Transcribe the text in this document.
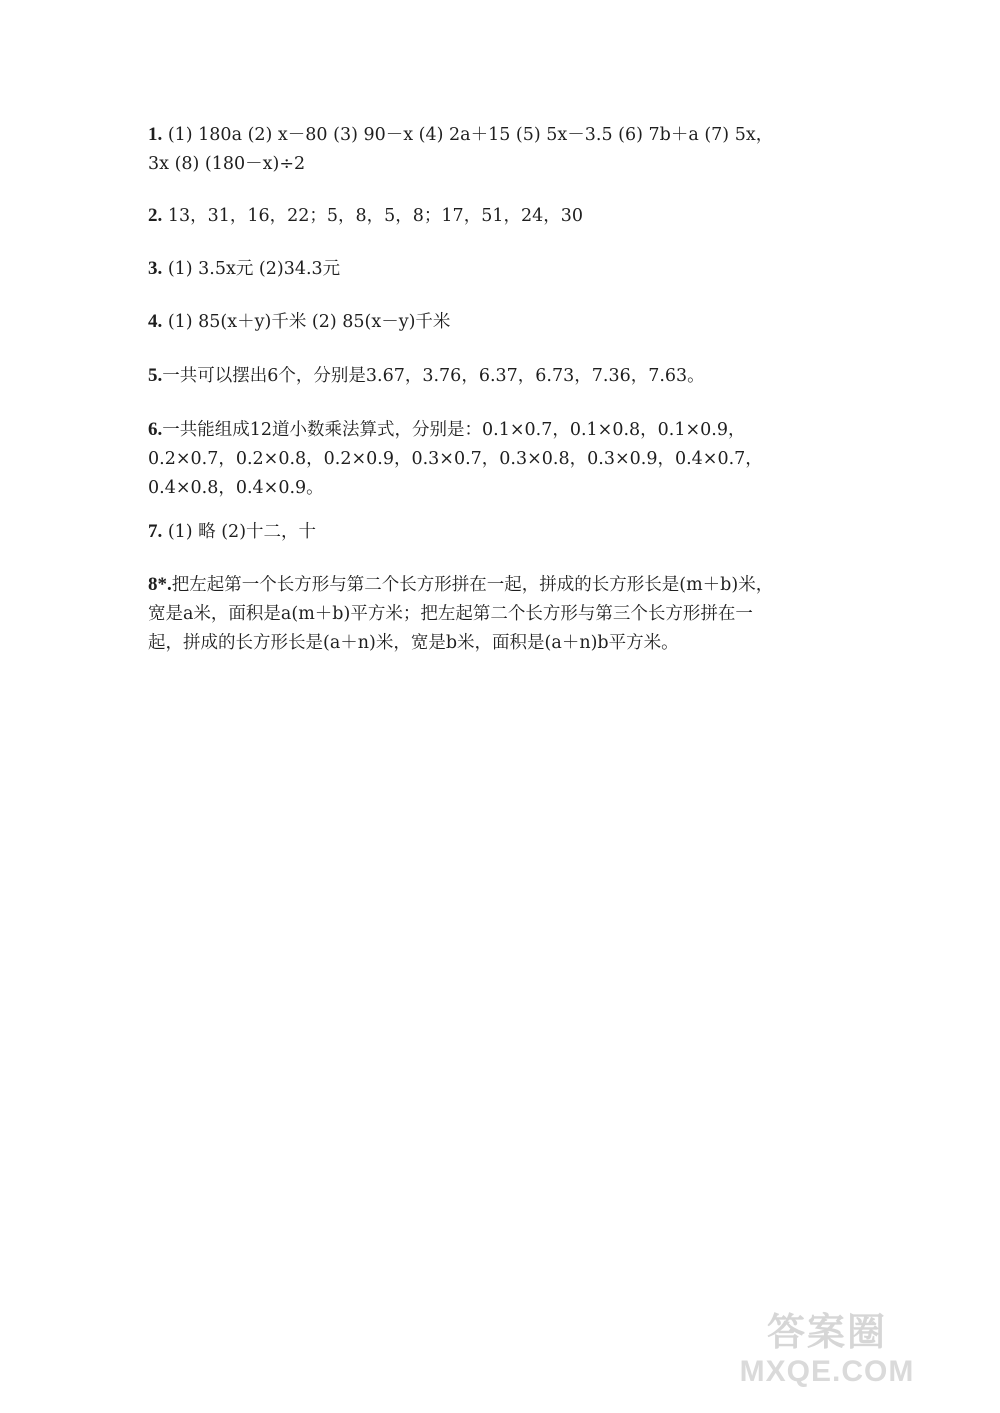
1. (1) 180a (2) x－80 (3) 90－x (4) 2a＋15 (5) 5x－3.5 (6) 7b＋a (7) 5x，
3x (8) (180－x)÷2
2. 13，31，16，22；5，8，5，8；17，51，24，30
3. (1) 3.5x元 (2)34.3元
4. (1) 85(x＋y)千米 (2) 85(x－y)千米
5.一共可以摆出6个，分别是3.67，3.76，6.37，6.73，7.36，7.63。
6.一共能组成12道小数乘法算式，分别是：0.1×0.7，0.1×0.8，0.1×0.9，
0.2×0.7，0.2×0.8，0.2×0.9，0.3×0.7，0.3×0.8，0.3×0.9，0.4×0.7，
0.4×0.8，0.4×0.9。
7. (1) 略 (2)十二，十
8*.把左起第一个长方形与第二个长方形拼在一起，拼成的长方形长是(m＋b)米，
宽是a米，面积是a(m＋b)平方米；把左起第二个长方形与第三个长方形拼在一
起，拼成的长方形长是(a＋n)米，宽是b米，面积是(a＋n)b平方米。
答案圈
MXQE.COM
